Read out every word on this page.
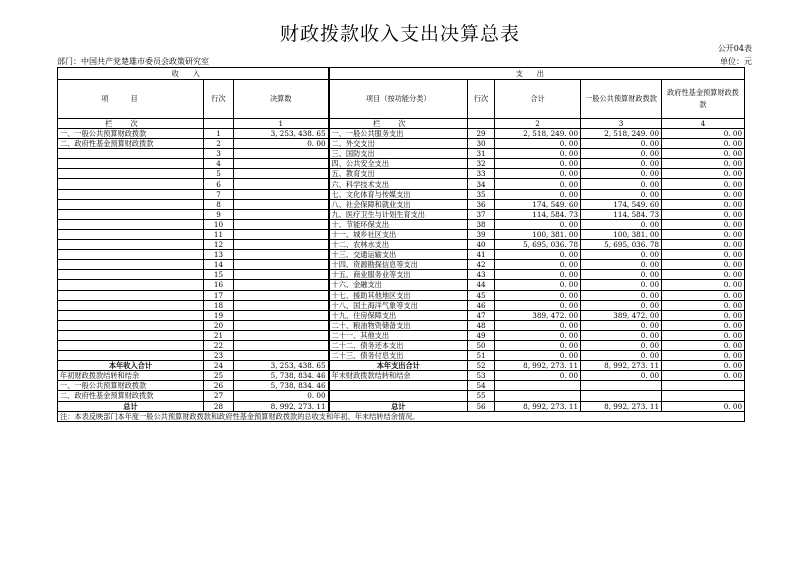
财政拨款收入支出决算总表
公开04表
部门：中国共产党楚雄市委员会政策研究室	单位：元
收入			支出				
项目	行次	决算数	项目（按功能分类）	行次	合计	一般公共预算财政拨款	政府性基金预算财政拨款
栏次		1	栏次		2	3	4
一、一般公共预算财政拨款	1	3, 253, 438. 65	一、一般公共服务支出	29	2, 518, 249. 00	2, 518, 249. 00	0. 00
二、政府性基金预算财政拨款	2	0. 00	二、外交支出	30	0. 00	0. 00	0. 00
	3		三、国防支出	31	0. 00	0. 00	0. 00
	4		四、公共安全支出	32	0. 00	0. 00	0. 00
	5		五、教育支出	33	0. 00	0. 00	0. 00
	6		六、科学技术支出	34	0. 00	0. 00	0. 00
	7		七、文化体育与传媒支出	35	0. 00	0. 00	0. 00
	8		八、社会保障和就业支出	36	174, 549. 60	174, 549. 60	0. 00
	9		九、医疗卫生与计划生育支出	37	114, 584. 73	114, 584. 73	0. 00
	10		十、节能环保支出	38	0. 00	0. 00	0. 00
	11		十一、城乡社区支出	39	100, 381. 00	100, 381. 00	0. 00
	12		十二、农林水支出	40	5, 695, 036. 78	5, 695, 036. 78	0. 00
	13		十三、交通运输支出	41	0. 00	0. 00	0. 00
	14		十四、资源勘探信息等支出	42	0. 00	0. 00	0. 00
	15		十五、商业服务业等支出	43	0. 00	0. 00	0. 00
	16		十六、金融支出	44	0. 00	0. 00	0. 00
	17		十七、援助其他地区支出	45	0. 00	0. 00	0. 00
	18		十八、国土海洋气象等支出	46	0. 00	0. 00	0. 00
	19		十九、住房保障支出	47	389, 472. 00	389, 472. 00	0. 00
	20		二十、粮油物资储备支出	48	0. 00	0. 00	0. 00
	21		二十一、其他支出	49	0. 00	0. 00	0. 00
	22		二十二、债务还本支出	50	0. 00	0. 00	0. 00
	23		二十三、债务付息支出	51	0. 00	0. 00	0. 00
本年收入合计	24	3, 253, 438. 65	本年支出合计	52	8, 992, 273. 11	8, 992, 273. 11	0. 00
年初财政拨款结转和结余	25	5, 738, 834. 46	年末财政拨款结转和结余	53	0. 00	0. 00	0. 00
一、一般公共预算财政拨款	26	5, 738, 834. 46		54			
二、政府性基金预算财政拨款	27	0. 00		55			
总计	28	8, 992, 273. 11	总计	56	8, 992, 273. 11	8, 992, 273. 11	0. 00
注：本表反映部门本年度一般公共预算财政拨款和政府性基金预算财政拨款的总收支和年初、年末结转结余情况。							
